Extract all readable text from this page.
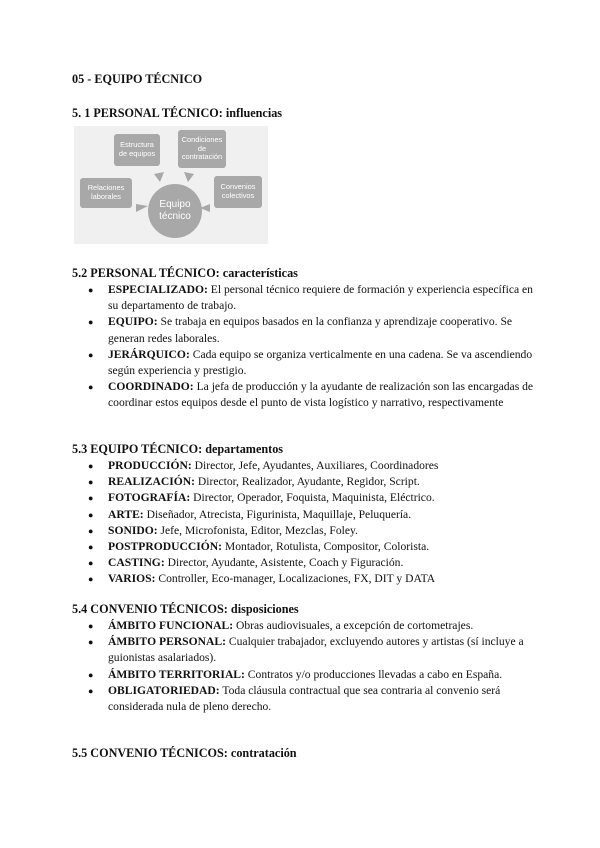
05 - EQUIPO TÉCNICO
5. 1 PERSONAL TÉCNICO: influencias
Estructura
de equipos
Condiciones
de
contratación
Relaciones
laborales
Convenios
colectivos
Equipo
técnico
5.2 PERSONAL TÉCNICO: características
● ESPECIALIZADO: El personal técnico requiere de formación y experiencia específica en su departamento de trabajo.
● EQUIPO: Se trabaja en equipos basados en la confianza y aprendizaje cooperativo. Se generan redes laborales.
● JERÁRQUICO: Cada equipo se organiza verticalmente en una cadena. Se va ascendiendo según experiencia y prestigio.
● COORDINADO: La jefa de producción y la ayudante de realización son las encargadas de coordinar estos equipos desde el punto de vista logístico y narrativo, respectivamente
5.3 EQUIPO TÉCNICO: departamentos
● PRODUCCIÓN: Director, Jefe, Ayudantes, Auxiliares, Coordinadores
● REALIZACIÓN: Director, Realizador, Ayudante, Regidor, Script.
● FOTOGRAFÍA: Director, Operador, Foquista, Maquinista, Eléctrico.
● ARTE: Diseñador, Atrecista, Figurinista, Maquillaje, Peluquería.
● SONIDO: Jefe, Microfonista, Editor, Mezclas, Foley.
● POSTPRODUCCIÓN: Montador, Rotulista, Compositor, Colorista.
● CASTING: Director, Ayudante, Asistente, Coach y Figuración.
● VARIOS: Controller, Eco-manager, Localizaciones, FX, DIT y DATA
5.4 CONVENIO TÉCNICOS: disposiciones
● ÁMBITO FUNCIONAL: Obras audiovisuales, a excepción de cortometrajes.
● ÁMBITO PERSONAL: Cualquier trabajador, excluyendo autores y artistas (sí incluye a guionistas asalariados).
● ÁMBITO TERRITORIAL: Contratos y/o producciones llevadas a cabo en España.
● OBLIGATORIEDAD: Toda cláusula contractual que sea contraria al convenio será considerada nula de pleno derecho.
5.5 CONVENIO TÉCNICOS: contratación
